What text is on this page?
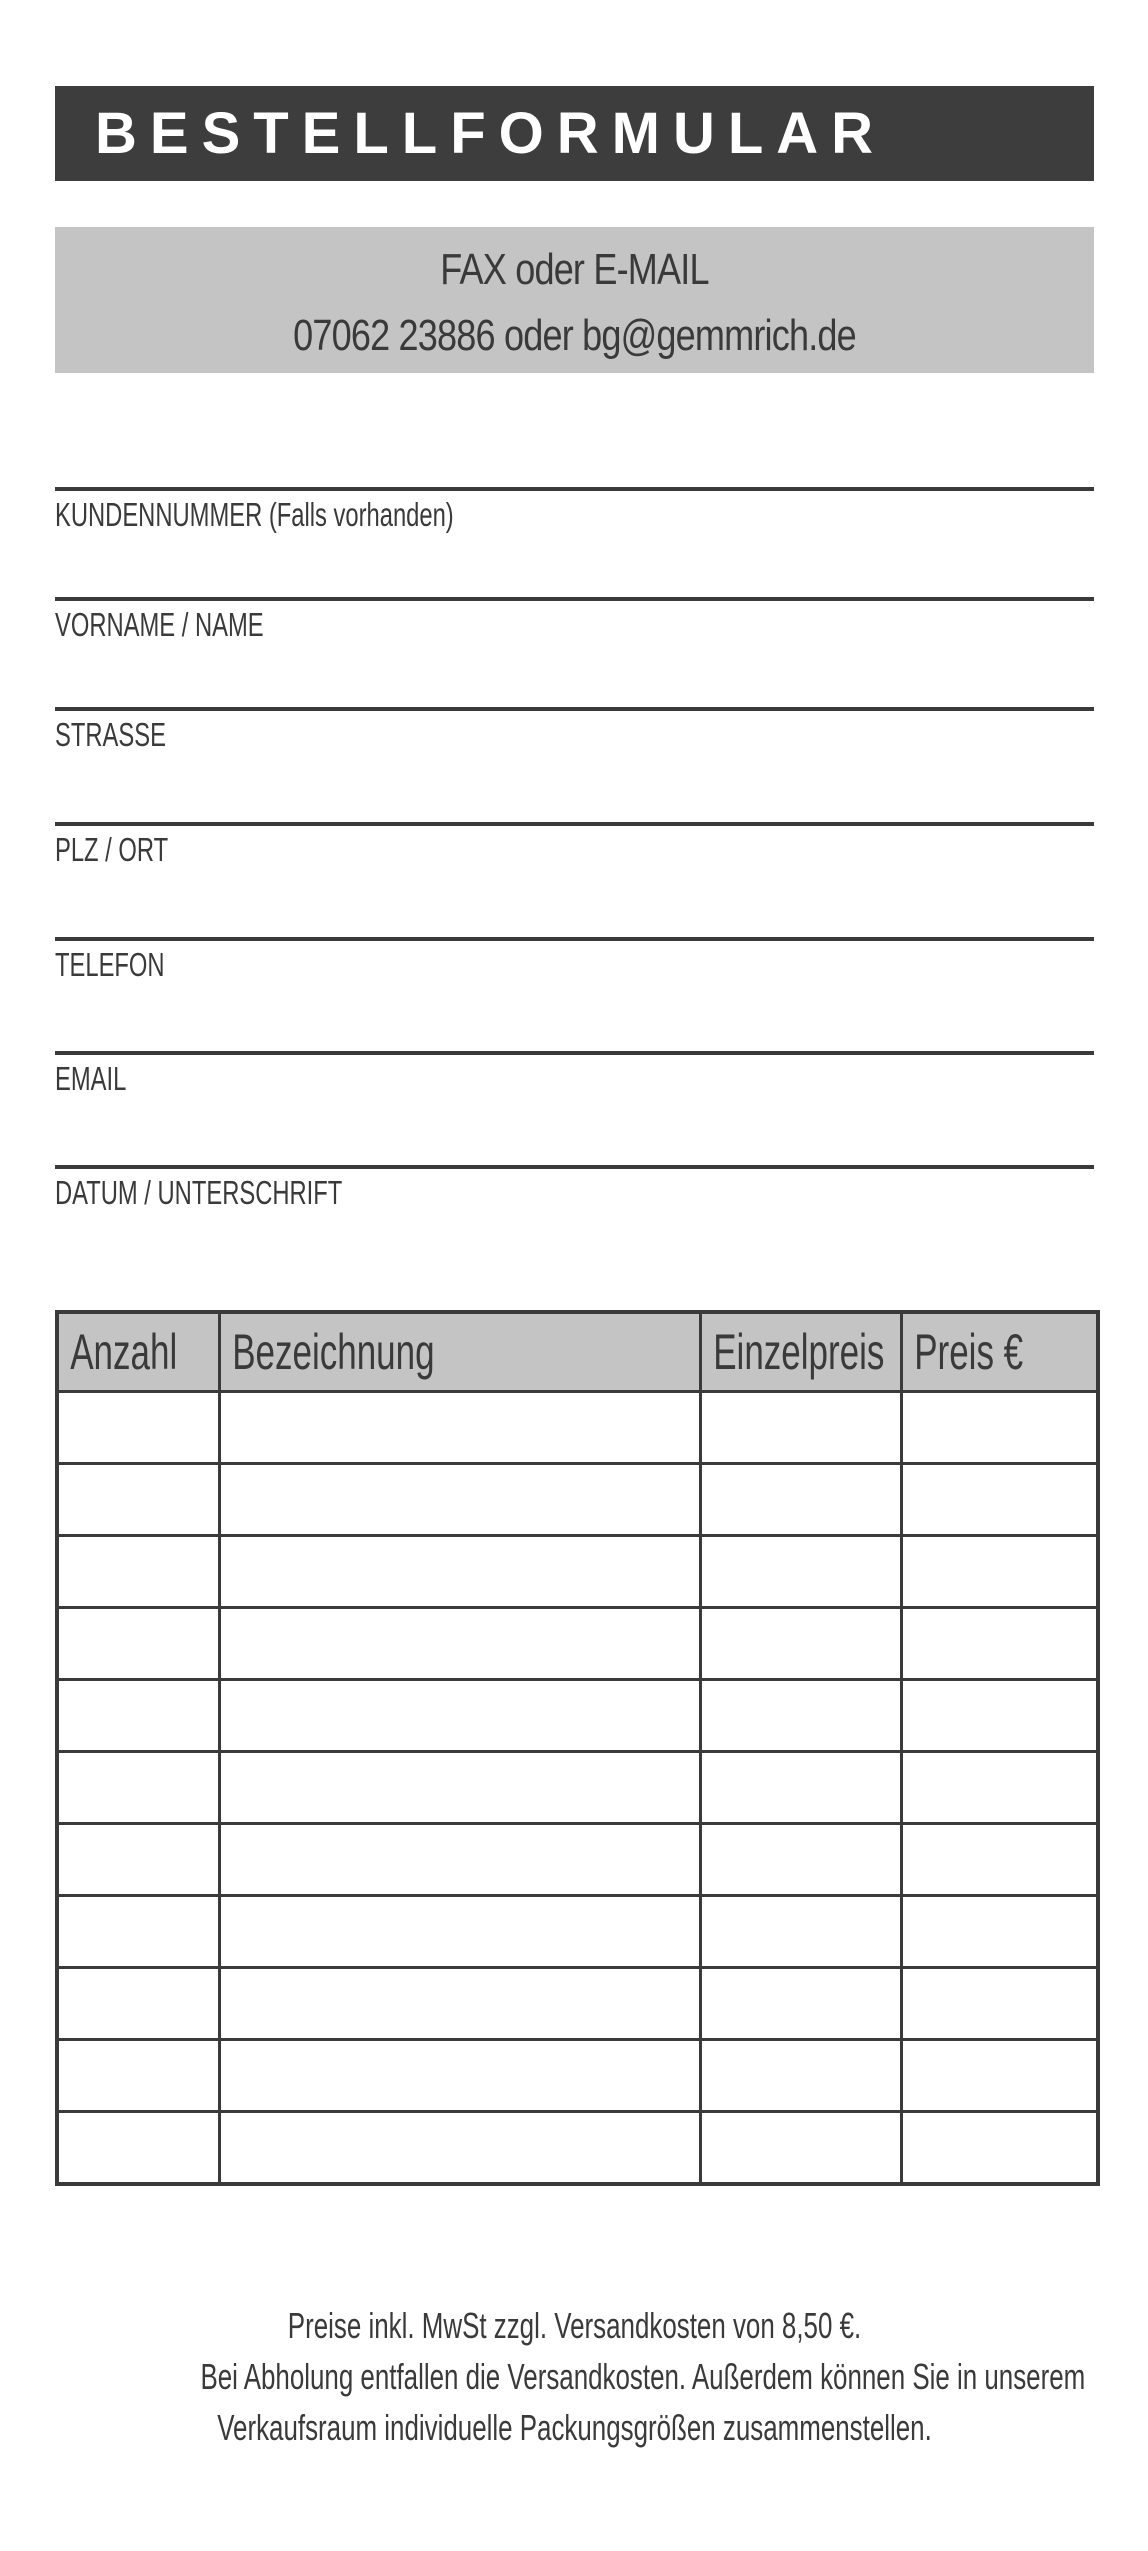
BESTELLFORMULAR
FAX oder E-MAIL
07062 23886 oder bg@gemmrich.de
KUNDENNUMMER (Falls vorhanden)
VORNAME / NAME
STRASSE
PLZ / ORT
TELEFON
EMAIL
DATUM / UNTERSCHRIFT
Anzahl	Bezeichnung	Einzelpreis	Preis €

Preise inkl. MwSt zzgl. Versandkosten von 8,50 €.
Bei Abholung entfallen die Versandkosten. Außerdem können Sie in unserem
Verkaufsraum individuelle Packungsgrößen zusammenstellen.
